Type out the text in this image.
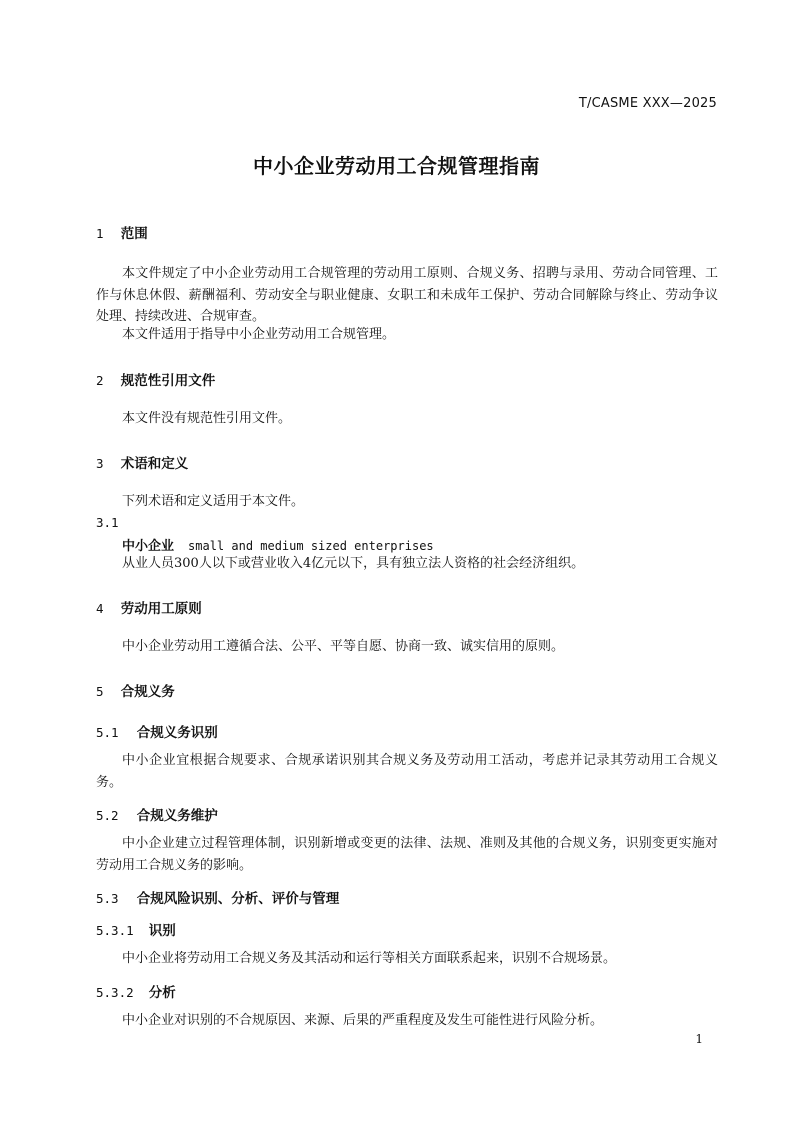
T/CASME XXX—2025
中小企业劳动用工合规管理指南
1 范围
本文件规定了中小企业劳动用工合规管理的劳动用工原则、合规义务、招聘与录用、劳动合同管理、工作与休息休假、薪酬福利、劳动安全与职业健康、女职工和未成年工保护、劳动合同解除与终止、劳动争议处理、持续改进、合规审查。
本文件适用于指导中小企业劳动用工合规管理。
2 规范性引用文件
本文件没有规范性引用文件。
3 术语和定义
下列术语和定义适用于本文件。
3.1
中小企业 small and medium sized enterprises
从业人员300人以下或营业收入4亿元以下，具有独立法人资格的社会经济组织。
4 劳动用工原则
中小企业劳动用工遵循合法、公平、平等自愿、协商一致、诚实信用的原则。
5 合规义务
5.1 合规义务识别
中小企业宜根据合规要求、合规承诺识别其合规义务及劳动用工活动，考虑并记录其劳动用工合规义务。
5.2 合规义务维护
中小企业建立过程管理体制，识别新增或变更的法律、法规、准则及其他的合规义务，识别变更实施对劳动用工合规义务的影响。
5.3 合规风险识别、分析、评价与管理
5.3.1 识别
中小企业将劳动用工合规义务及其活动和运行等相关方面联系起来，识别不合规场景。
5.3.2 分析
中小企业对识别的不合规原因、来源、后果的严重程度及发生可能性进行风险分析。
1
